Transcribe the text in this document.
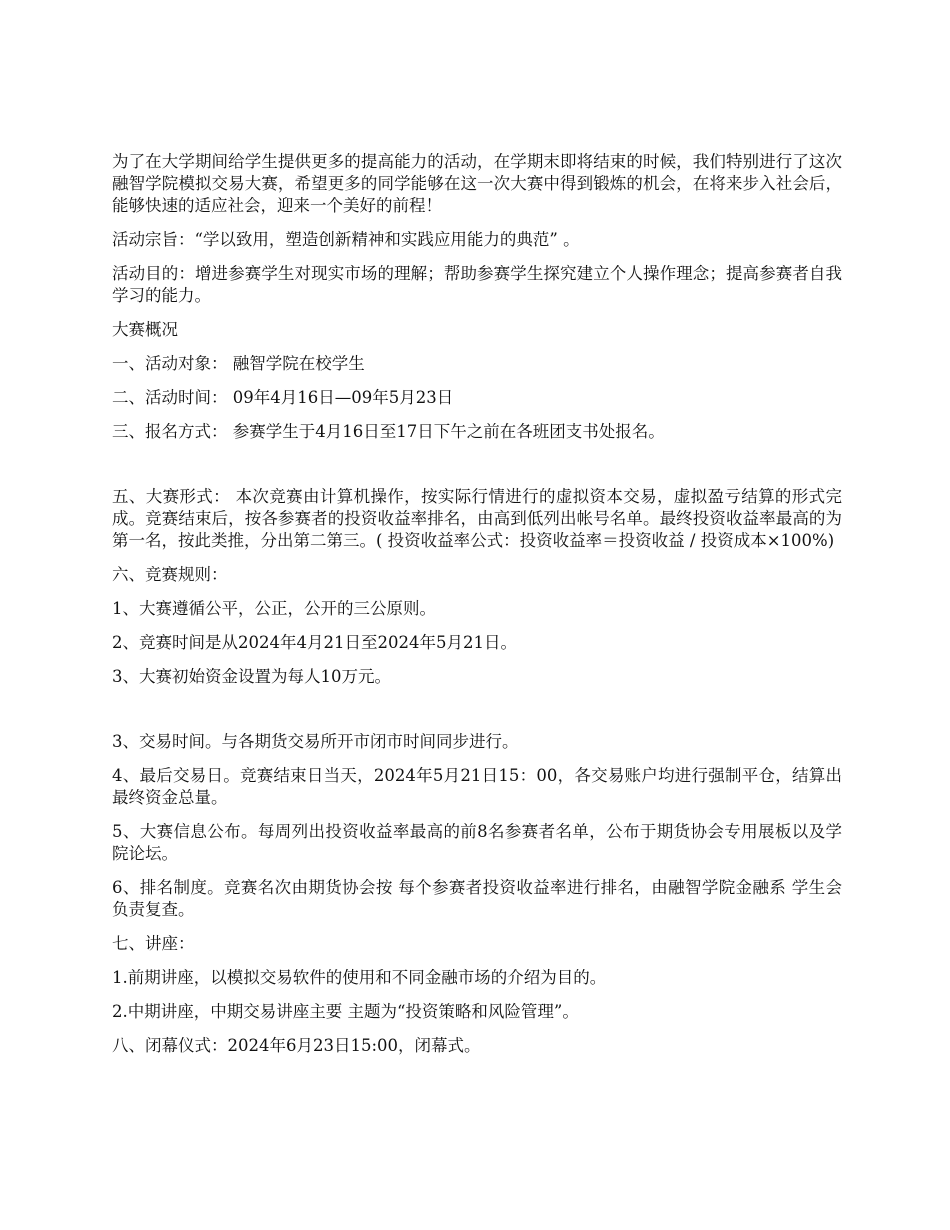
为了在大学期间给学生提供更多的提高能力的活动，在学期末即将结束的时候，我们特别进行了这次融智学院模拟交易大赛，希望更多的同学能够在这一次大赛中得到锻炼的机会，在将来步入社会后，能够快速的适应社会，迎来一个美好的前程！

活动宗旨：“学以致用，塑造创新精神和实践应用能力的典范” 。

活动目的：增进参赛学生对现实市场的理解；帮助参赛学生探究建立个人操作理念；提高参赛者自我学习的能力。

大赛概况

一、活动对象： 融智学院在校学生

二、活动时间： 09年4月16日—09年5月23日

三、报名方式： 参赛学生于4月16日至17日下午之前在各班团支书处报名。

五、大赛形式： 本次竞赛由计算机操作，按实际行情进行的虚拟资本交易，虚拟盈亏结算的形式完成。竞赛结束后，按各参赛者的投资收益率排名，由高到低列出帐号名单。最终投资收益率最高的为第一名，按此类推，分出第二第三。( 投资收益率公式：投资收益率＝投资收益 / 投资成本×100%)

六、竞赛规则：

1、大赛遵循公平，公正，公开的三公原则。

2、竞赛时间是从2024年4月21日至2024年5月21日。

3、大赛初始资金设置为每人10万元。

3、交易时间。与各期货交易所开市闭市时间同步进行。

4、最后交易日。竞赛结束日当天，2024年5月21日15：00，各交易账户均进行强制平仓，结算出最终资金总量。

5、大赛信息公布。每周列出投资收益率最高的前8名参赛者名单，公布于期货协会专用展板以及学院论坛。

6、排名制度。竞赛名次由期货协会按 每个参赛者投资收益率进行排名，由融智学院金融系 学生会负责复查。

七、讲座：

1.前期讲座，以模拟交易软件的使用和不同金融市场的介绍为目的。

2.中期讲座，中期交易讲座主要 主题为“投资策略和风险管理”。

八、闭幕仪式：2024年6月23日15:00，闭幕式。
